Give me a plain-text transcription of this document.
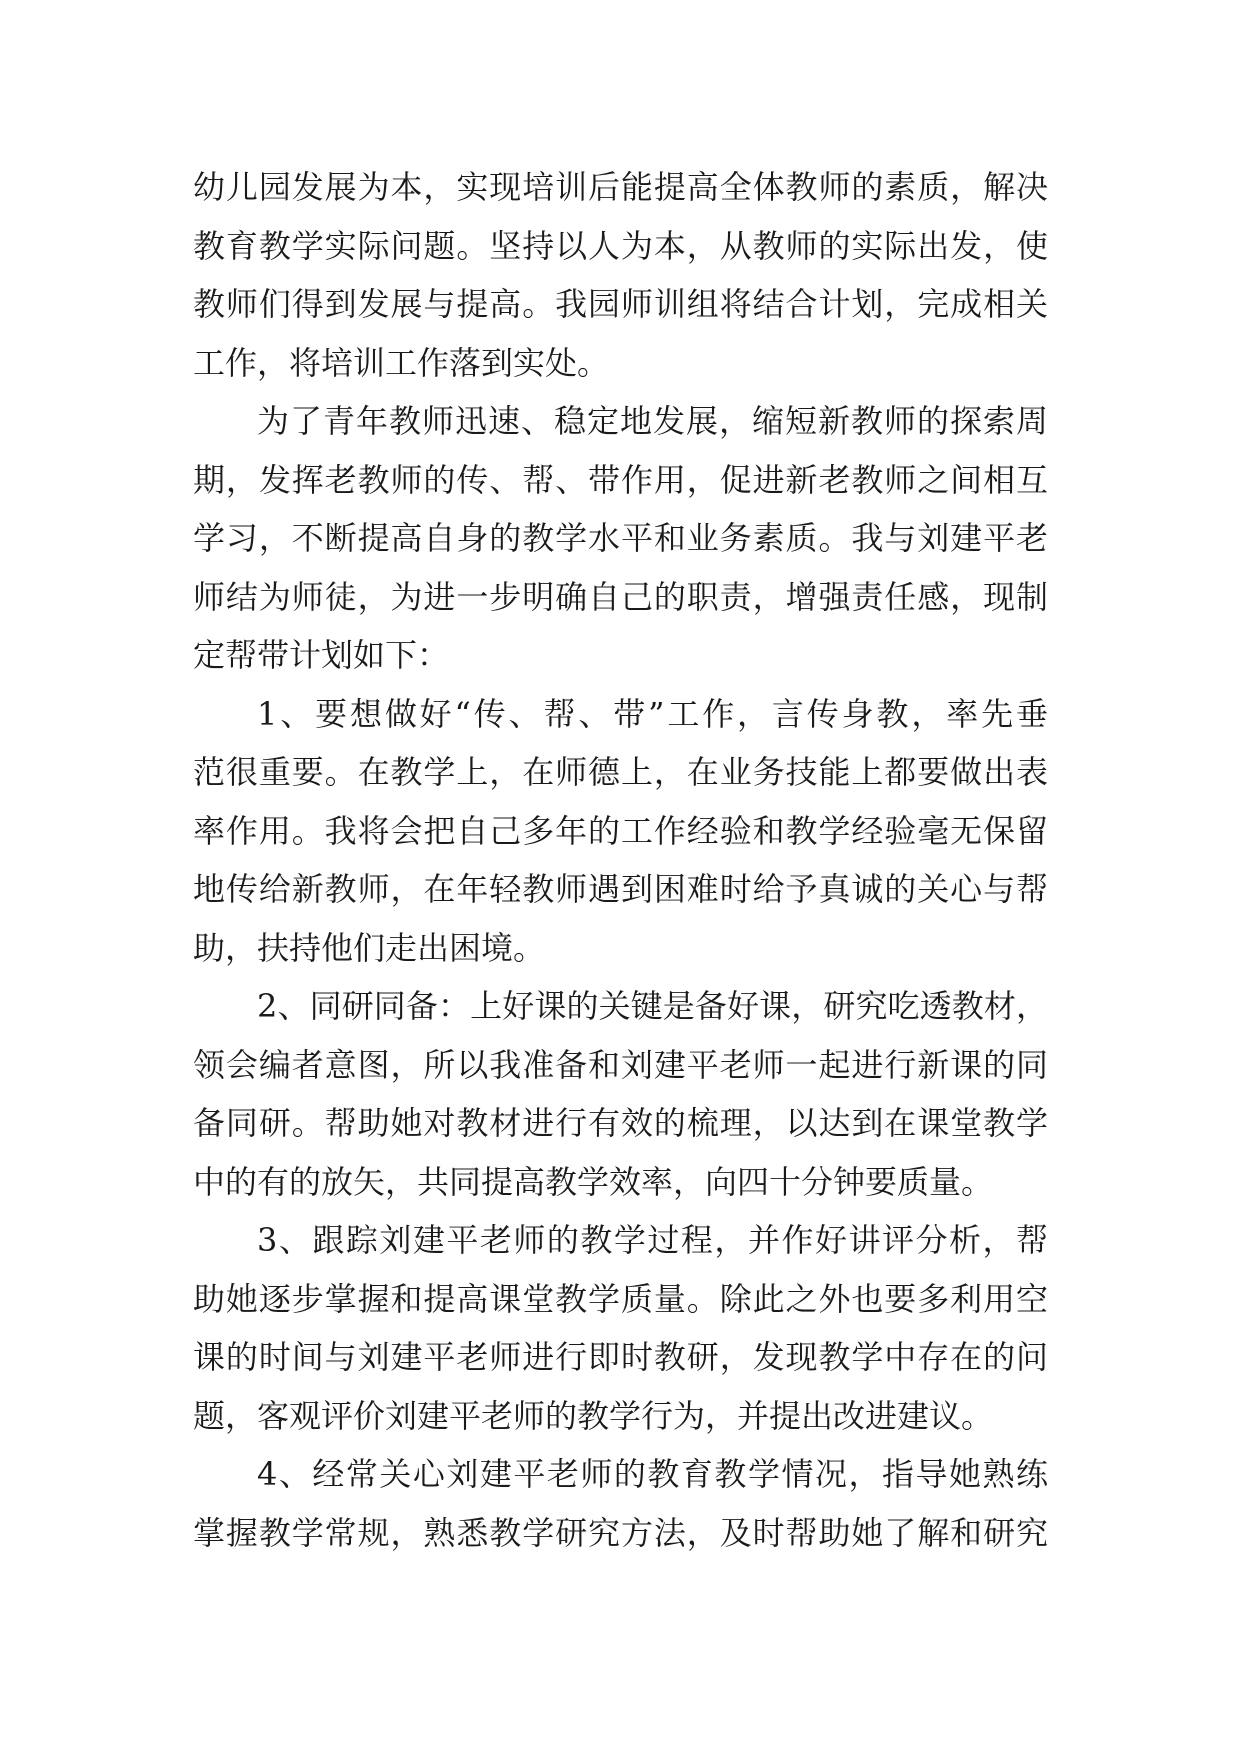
幼儿园发展为本，实现培训后能提高全体教师的素质，解决
教育教学实际问题。坚持以人为本，从教师的实际出发，使
教师们得到发展与提高。我园师训组将结合计划，完成相关
工作，将培训工作落到实处。
为了青年教师迅速、稳定地发展，缩短新教师的探索周
期，发挥老教师的传、帮、带作用，促进新老教师之间相互
学习，不断提高自身的教学水平和业务素质。我与刘建平老
师结为师徒，为进一步明确自己的职责，增强责任感，现制
定帮带计划如下：
1、要想做好“传、帮、带”工作，言传身教，率先垂
范很重要。在教学上，在师德上，在业务技能上都要做出表
率作用。我将会把自己多年的工作经验和教学经验毫无保留
地传给新教师，在年轻教师遇到困难时给予真诚的关心与帮
助，扶持他们走出困境。
2、同研同备：上好课的关键是备好课，研究吃透教材，
领会编者意图，所以我准备和刘建平老师一起进行新课的同
备同研。帮助她对教材进行有效的梳理，以达到在课堂教学
中的有的放矢，共同提高教学效率，向四十分钟要质量。
3、跟踪刘建平老师的教学过程，并作好讲评分析，帮
助她逐步掌握和提高课堂教学质量。除此之外也要多利用空
课的时间与刘建平老师进行即时教研，发现教学中存在的问
题，客观评价刘建平老师的教学行为，并提出改进建议。
4、经常关心刘建平老师的教育教学情况，指导她熟练
掌握教学常规，熟悉教学研究方法，及时帮助她了解和研究
